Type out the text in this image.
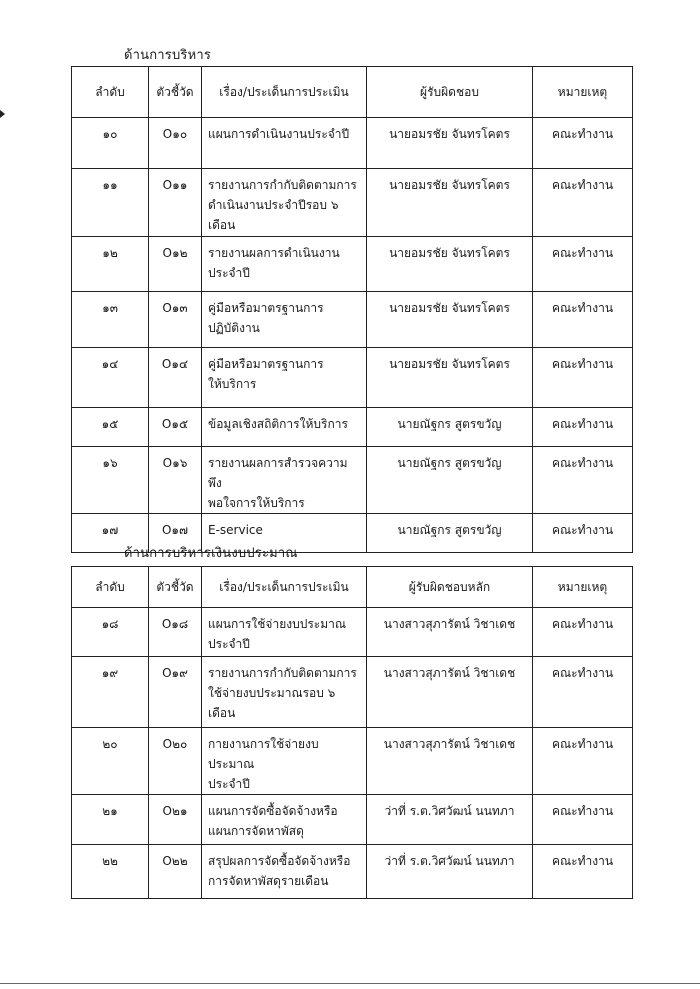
ด้านการบริหาร
ลำดับ	ตัวชี้วัด	เรื่อง/ประเด็นการประเมิน	ผู้รับผิดชอบ	หมายเหตุ

๑๐	O๑๐	แผนการดำเนินงานประจำปี	นายอมรชัย จันทรโคตร	คณะทำงาน

๑๑	O๑๑	รายงานการกำกับติดตามการ
ดำเนินงานประจำปีรอบ ๖
เดือน	นายอมรชัย จันทรโคตร	คณะทำงาน

๑๒	O๑๒	รายงานผลการดำเนินงาน
ประจำปี	นายอมรชัย จันทรโคตร	คณะทำงาน

๑๓	O๑๓	คู่มือหรือมาตรฐานการ
ปฏิบัติงาน	นายอมรชัย จันทรโคตร	คณะทำงาน

๑๔	O๑๔	คู่มือหรือมาตรฐานการ
ให้บริการ	นายอมรชัย จันทรโคตร	คณะทำงาน

๑๕	O๑๕	ข้อมูลเชิงสถิติการให้บริการ	นายณัฐกร สูตรขวัญ	คณะทำงาน

๑๖	O๑๖	รายงานผลการสำรวจความพึง
พอใจการให้บริการ	นายณัฐกร สูตรขวัญ	คณะทำงาน

๑๗	O๑๗	E-service	นายณัฐกร สูตรขวัญ	คณะทำงาน
ด้านการบริหารเงินงบประมาณ
ลำดับ	ตัวชี้วัด	เรื่อง/ประเด็นการประเมิน	ผู้รับผิดชอบหลัก	หมายเหตุ

๑๘	O๑๘	แผนการใช้จ่ายงบประมาณ
ประจำปี	นางสาวสุภารัตน์ วิชาเดช	คณะทำงาน

๑๙	O๑๙	รายงานการกำกับติดตามการ
ใช้จ่ายงบประมาณรอบ ๖
เดือน	นางสาวสุภารัตน์ วิชาเดช	คณะทำงาน

๒๐	O๒๐	กายงานการใช้จ่ายงบประมาณ
ประจำปี	นางสาวสุภารัตน์ วิชาเดช	คณะทำงาน

๒๑	O๒๑	แผนการจัดซื้อจัดจ้างหรือ
แผนการจัดหาพัสดุ	ว่าที่ ร.ต.วิศวัฒน์ นนทภา	คณะทำงาน

๒๒	O๒๒	สรุปผลการจัดซื้อจัดจ้างหรือ
การจัดหาพัสดุรายเดือน	ว่าที่ ร.ต.วิศวัฒน์ นนทภา	คณะทำงาน
